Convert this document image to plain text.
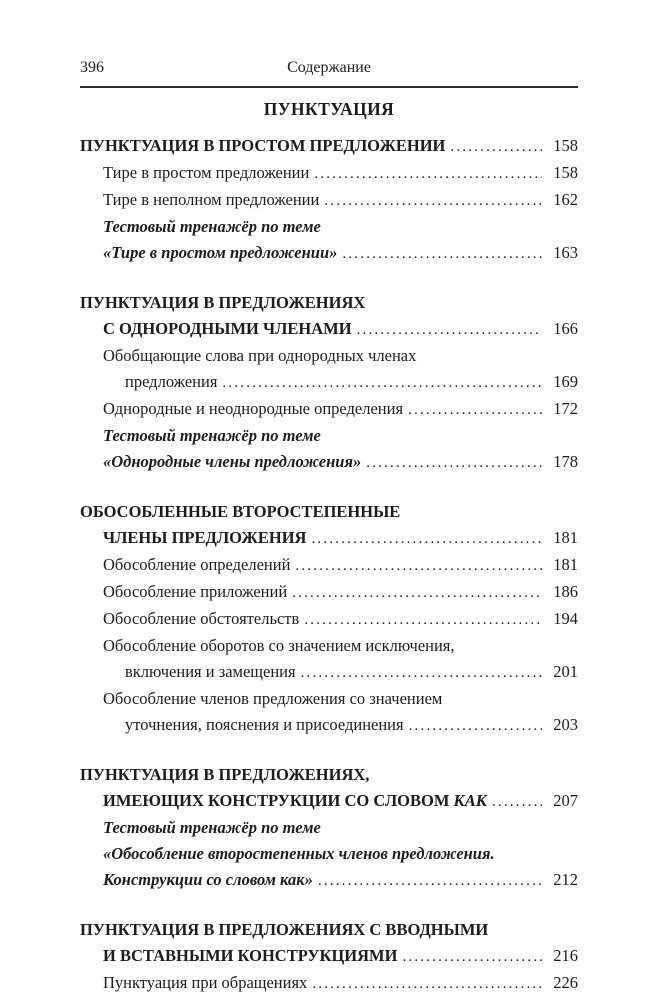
396	Содержание
ПУНКТУАЦИЯ
ПУНКТУАЦИЯ В ПРОСТОМ ПРЕДЛОЖЕНИИ .....	158
Тире в простом предложении .....	158
Тире в неполном предложении .....	162
Тестовый тренажёр по теме
«Тире в простом предложении» .....	163
ПУНКТУАЦИЯ В ПРЕДЛОЖЕНИЯХ
С ОДНОРОДНЫМИ ЧЛЕНАМИ .....	166
Обобщающие слова при однородных членах
предложения .....	169
Однородные и неоднородные определения .....	172
Тестовый тренажёр по теме
«Однородные члены предложения» .....	178
ОБОСОБЛЕННЫЕ ВТОРОСТЕПЕННЫЕ
ЧЛЕНЫ ПРЕДЛОЖЕНИЯ .....	181
Обособление определений .....	181
Обособление приложений .....	186
Обособление обстоятельств .....	194
Обособление оборотов со значением исключения,
включения и замещения .....	201
Обособление членов предложения со значением
уточнения, пояснения и присоединения .....	203
ПУНКТУАЦИЯ В ПРЕДЛОЖЕНИЯХ,
ИМЕЮЩИХ КОНСТРУКЦИИ СО СЛОВОМ КАК .....	207
Тестовый тренажёр по теме
«Обособление второстепенных членов предложения.
Конструкции со словом как» .....	212
ПУНКТУАЦИЯ В ПРЕДЛОЖЕНИЯХ С ВВОДНЫМИ
И ВСТАВНЫМИ КОНСТРУКЦИЯМИ .....	216
Пунктуация при обращениях .....	226
